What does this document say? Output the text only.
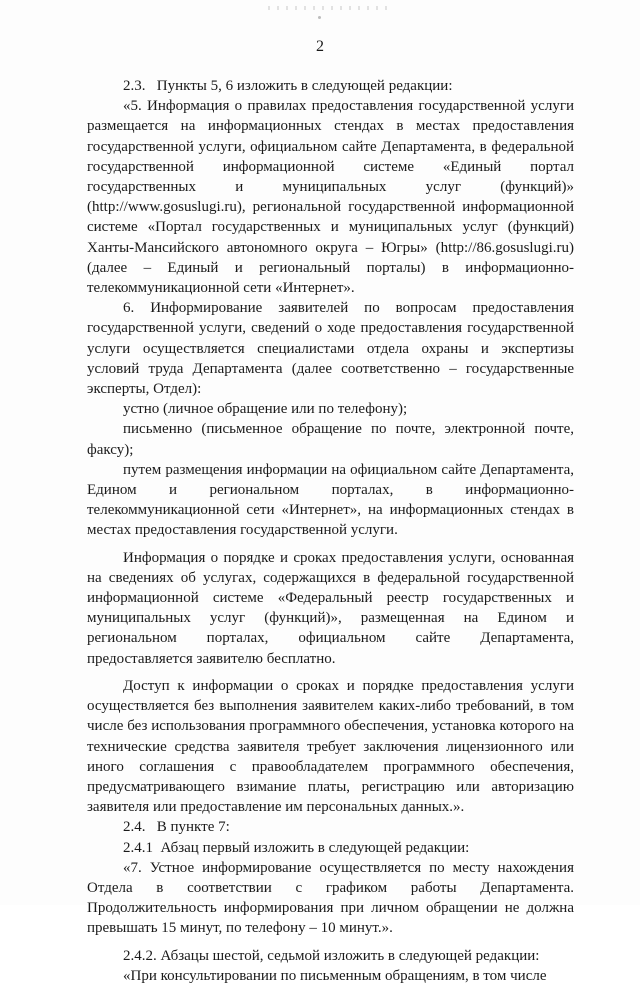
2

2.3.   Пункты 5, 6 изложить в следующей редакции:

«5. Информация о правилах предоставления государственной услуги размещается на информационных стендах в местах предоставления государственной услуги, официальном сайте Департамента, в федеральной государственной информационной системе «Единый портал государственных и муниципальных услуг (функций)» (http://www.gosuslugi.ru), региональной государственной информационной системе «Портал государственных и муниципальных услуг (функций) Ханты-Мансийского автономного округа – Югры» (http://86.gosuslugi.ru) (далее – Единый и региональный порталы) в информационно-телекоммуникационной сети «Интернет».

6. Информирование заявителей по вопросам предоставления государственной услуги, сведений о ходе предоставления государственной услуги осуществляется специалистами отдела охраны и экспертизы условий труда Департамента (далее соответственно – государственные эксперты, Отдел):

устно (личное обращение или по телефону);

письменно (письменное обращение по почте, электронной почте, факсу);

путем размещения информации на официальном сайте Департамента, Едином и региональном порталах, в информационно-телекоммуникационной сети «Интернет», на информационных стендах в местах предоставления государственной услуги.

Информация о порядке и сроках предоставления услуги, основанная на сведениях об услугах, содержащихся в федеральной государственной информационной системе «Федеральный реестр государственных и муниципальных услуг (функций)», размещенная на Едином и региональном порталах, официальном сайте Департамента, предоставляется заявителю бесплатно.

Доступ к информации о сроках и порядке предоставления услуги осуществляется без выполнения заявителем каких-либо требований, в том числе без использования программного обеспечения, установка которого на технические средства заявителя требует заключения лицензионного или иного соглашения с правообладателем программного обеспечения, предусматривающего взимание платы, регистрацию или авторизацию заявителя или предоставление им персональных данных.».

2.4.   В пункте 7:

2.4.1  Абзац первый изложить в следующей редакции:

«7. Устное информирование осуществляется по месту нахождения Отдела в соответствии с графиком работы Департамента. Продолжительность информирования при личном обращении не должна превышать 15 минут, по телефону – 10 минут.».

2.4.2. Абзацы шестой, седьмой изложить в следующей редакции:

«При консультировании по письменным обращениям, в том числе
